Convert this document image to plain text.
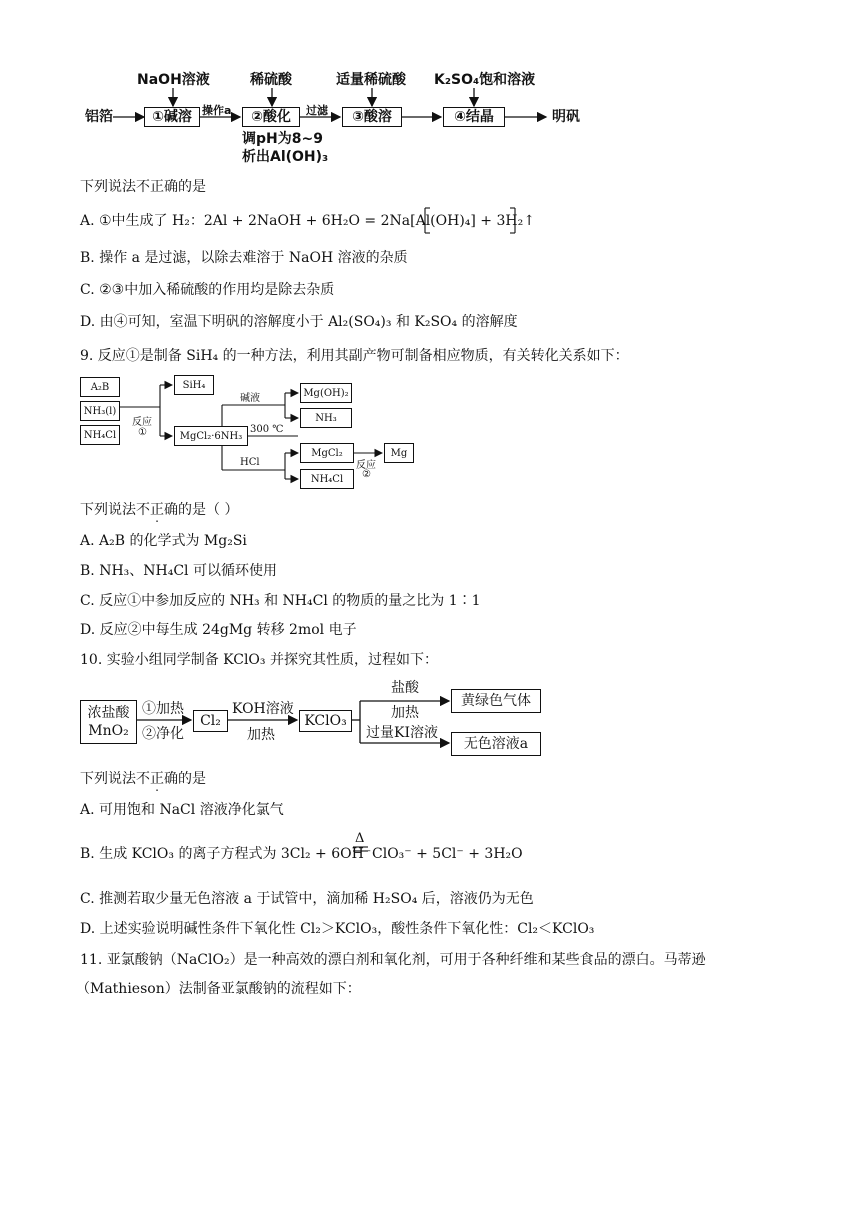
铝箔	①碱溶	②酸化	③酸溶	④结晶	明矾
NaOH溶液	稀硫酸	适量稀硫酸 K₂SO₄饱和溶液
操作a	过滤
调pH为8~9
析出Al(OH)₃
下列说法不正确的是
A. ①中生成了 H₂：2Al + 2NaOH + 6H₂O = 2Na[Al(OH)₄] + 3H₂↑
B. 操作 a 是过滤，以除去难溶于 NaOH 溶液的杂质
C. ②③中加入稀硫酸的作用均是除去杂质
D. 由④可知，室温下明矾的溶解度小于 Al₂(SO₄)₃ 和 K₂SO₄ 的溶解度
9. 反应①是制备 SiH₄ 的一种方法，利用其副产物可制备相应物质，有关转化关系如下：
A₂B
NH₃(l)
NH₄Cl
反应
①
SiH₄
MgCl₂·6NH₃
碱液
300 ℃
HCl
Mg(OH)₂
NH₃
MgCl₂
NH₄Cl
反应
②
Mg
下列说法不正确的是（ ）
A. A₂B 的化学式为 Mg₂Si
B. NH₃、NH₄Cl 可以循环使用
C. 反应①中参加反应的 NH₃ 和 NH₄Cl 的物质的量之比为 1∶1
D. 反应②中每生成 24gMg 转移 2mol 电子
10. 实验小组同学制备 KClO₃ 并探究其性质，过程如下：
浓盐酸
MnO₂
①加热
②净化
Cl₂
KOH溶液
加热
KClO₃
盐酸
加热
过量KI溶液
黄绿色气体
无色溶液a
下列说法不正确的是
A. 可用饱和 NaCl 溶液净化氯气
B. 生成 KClO₃ 的离子方程式为 3Cl₂ + 6OH⁻
Δ
ClO₃⁻ + 5Cl⁻ + 3H₂O
C. 推测若取少量无色溶液 a 于试管中，滴加稀 H₂SO₄ 后，溶液仍为无色
D. 上述实验说明碱性条件下氧化性 Cl₂＞KClO₃，酸性条件下氧化性：Cl₂＜KClO₃
11. 亚氯酸钠（NaClO₂）是一种高效的漂白剂和氧化剂，可用于各种纤维和某些食品的漂白。马蒂逊
（Mathieson）法制备亚氯酸钠的流程如下：
